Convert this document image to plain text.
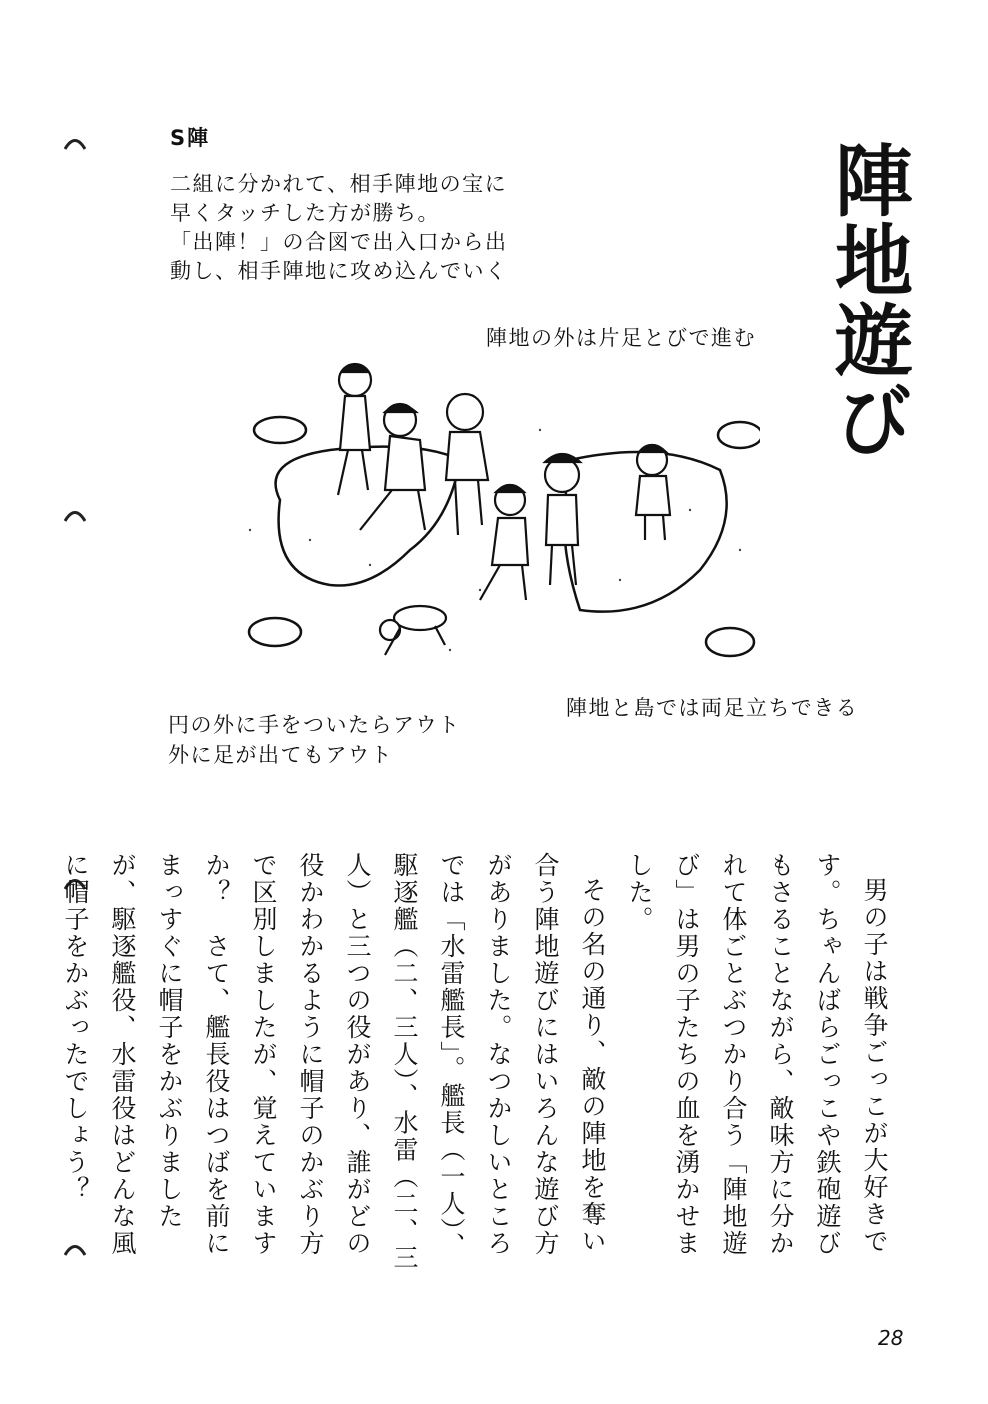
S陣
二組に分かれて、相手陣地の宝に
早くタッチした方が勝ち。
「出陣！」の合図で出入口から出
動し、相手陣地に攻め込んでいく	陣地遊び
陣地の外は片足とびで進む
陣地と島では両足立ちできる
円の外に手をついたらアウト
外に足が出てもアウト

男の子は戦争ごっこが大好きです。ちゃんばらごっこや鉄砲遊びもさることながら、敵味方に分かれて体ごとぶつかり合う「陣地遊び」は男の子たちの血を湧かせました。

その名の通り、敵の陣地を奪い合う陣地遊びにはいろんな遊び方がありました。なつかしいところでは「水雷艦長」。艦長（一人）、駆逐艦（二、三人）、水雷（二、三人）と三つの役があり、誰がどの役かわかるように帽子のかぶり方で区別しましたが、覚えていますか？　さて、艦長役はつばを前にまっすぐに帽子をかぶりましたが、駆逐艦役、水雷役はどんな風に帽子をかぶったでしょう？

28
